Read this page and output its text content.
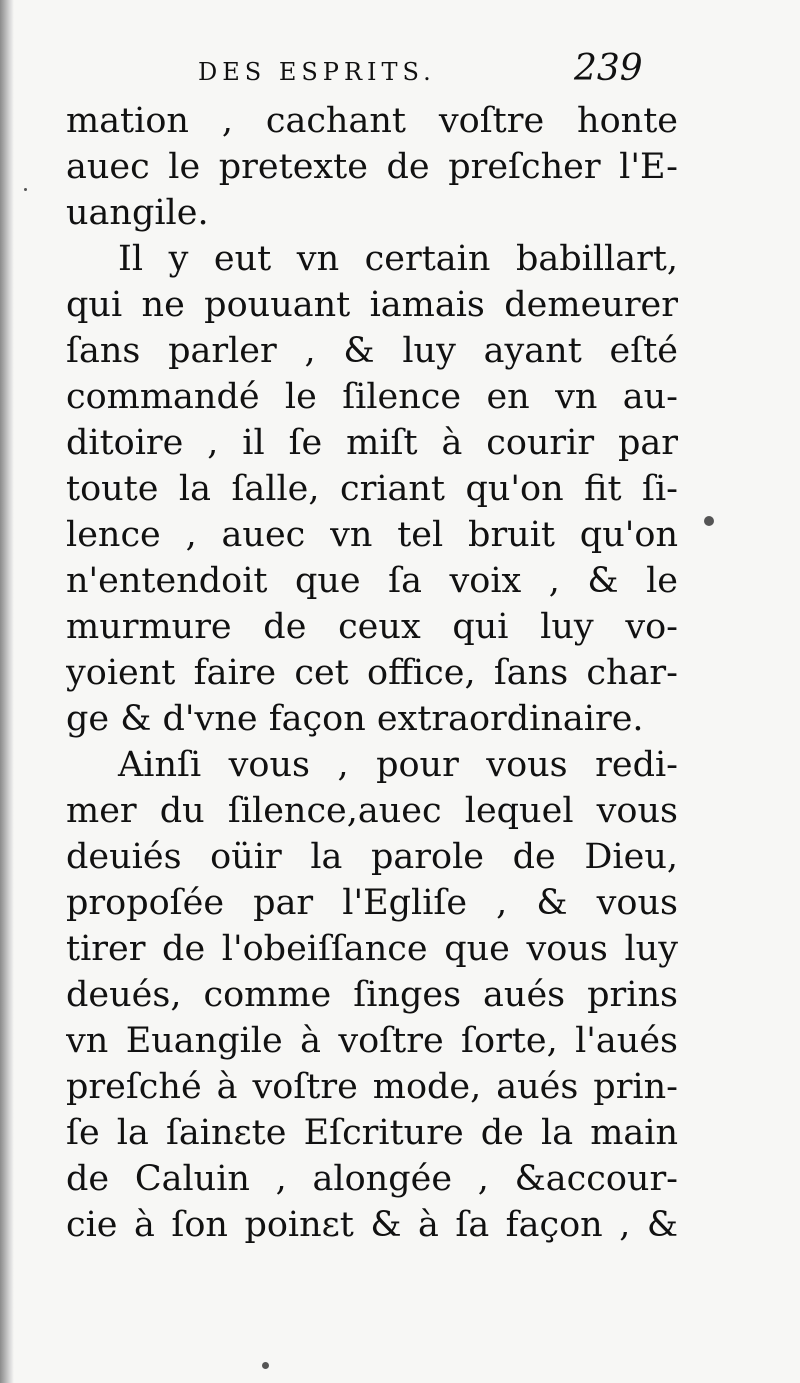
DES ESPRITS.	239
mation , cachant voſtre honte
auec le pretexte de preſcher l'E-
uangile.
Il y eut vn certain babillart,
qui ne pouuant iamais demeurer
ſans parler , & luy ayant eſté
commandé le ſilence en vn au-
ditoire , il ſe miſt à courir par
toute la ſalle, criant qu'on fit ſi-
lence , auec vn tel bruit qu'on
n'entendoit que ſa voix , & le
murmure de ceux qui luy vo-
yoient faire cet office, ſans char-
ge & d'vne façon extraordinaire.
Ainſi vous , pour vous redi-
mer du ſilence,auec lequel vous
deuiés oüir la parole de Dieu,
propoſée par l'Egliſe , & vous
tirer de l'obeiſſance que vous luy
deués, comme ſinges aués prins
vn Euangile à voſtre ſorte, l'aués
preſché à voſtre mode, aués prin-
ſe la ſainɛte Eſcriture de la main
de Caluin , alongée , &accour-
cie à ſon poinɛt & à ſa façon , &
